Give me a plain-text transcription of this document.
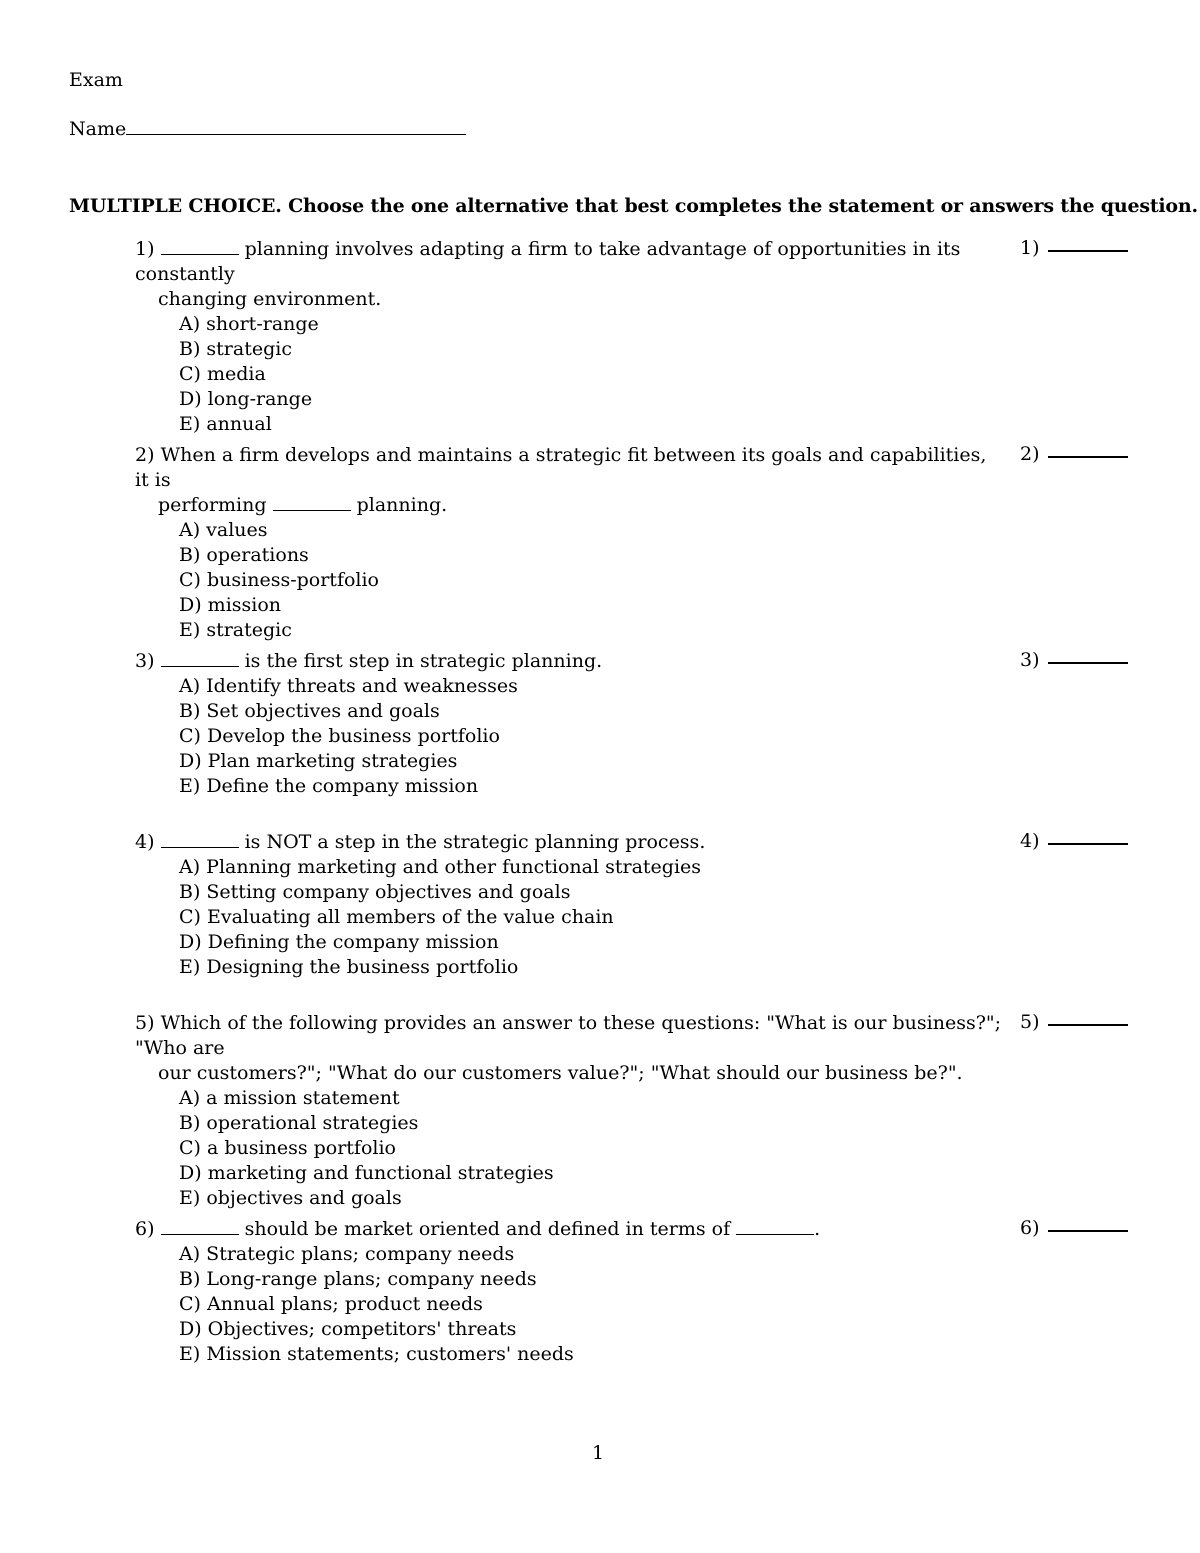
Exam
Name
MULTIPLE CHOICE. Choose the one alternative that best completes the statement or answers the question.
1)	planning involves adapting a firm to take advantage of opportunities in its constantly
changing environment.
A) short-range
B) strategic
C) media
D) long-range
E) annual
1)
2) When a firm develops and maintains a strategic fit between its goals and capabilities, it is
performing	planning.
A) values
B) operations
C) business-portfolio
D) mission
E) strategic
2)
3)	is the first step in strategic planning.
A) Identify threats and weaknesses
B) Set objectives and goals
C) Develop the business portfolio
D) Plan marketing strategies
E) Define the company mission
3)
4)	is NOT a step in the strategic planning process.
A) Planning marketing and other functional strategies
B) Setting company objectives and goals
C) Evaluating all members of the value chain
D) Defining the company mission
E) Designing the business portfolio
4)
5) Which of the following provides an answer to these questions: "What is our business?"; "Who are
our customers?"; "What do our customers value?"; "What should our business be?".
A) a mission statement
B) operational strategies
C) a business portfolio
D) marketing and functional strategies
E) objectives and goals
5)
6)	should be market oriented and defined in terms of	.
A) Strategic plans; company needs
B) Long-range plans; company needs
C) Annual plans; product needs
D) Objectives; competitors' threats
E) Mission statements; customers' needs
6)
1
